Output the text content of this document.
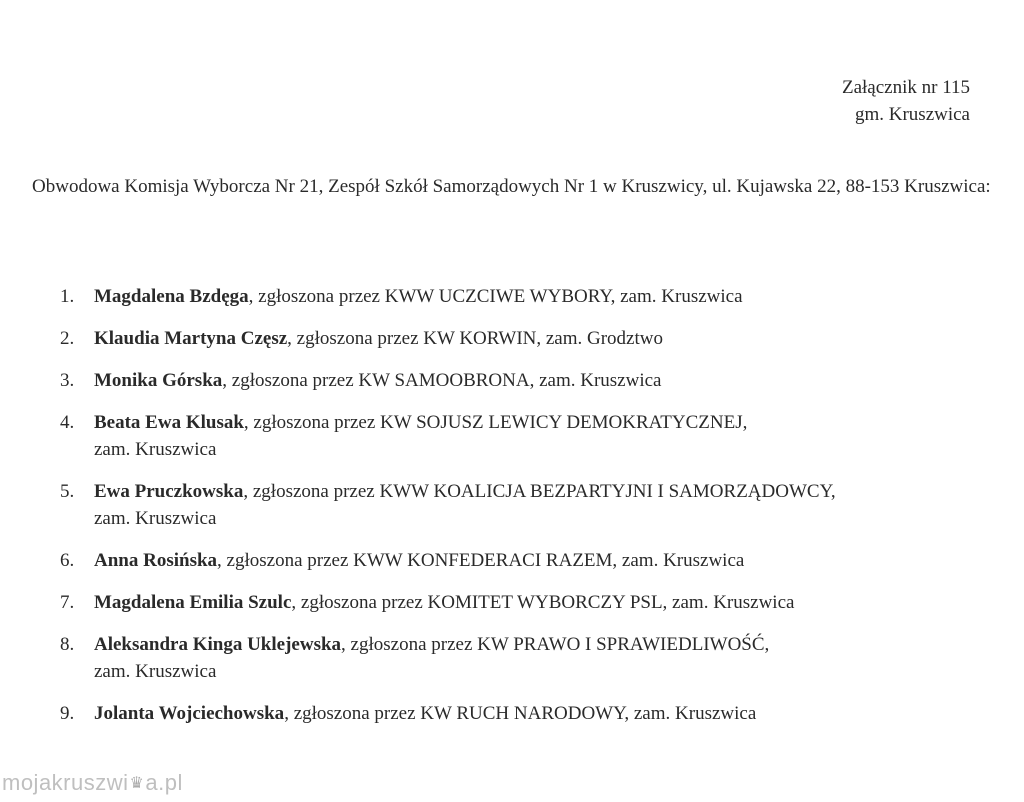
Załącznik nr 115
gm. Kruszwica
Obwodowa Komisja Wyborcza Nr 21, Zespół Szkół Samorządowych Nr 1 w Kruszwicy, ul. Kujawska 22, 88-153 Kruszwica:
1.	Magdalena Bzdęga, zgłoszona przez KWW UCZCIWE WYBORY, zam. Kruszwica
2.	Klaudia Martyna Częsz, zgłoszona przez KW KORWIN, zam. Grodztwo
3.	Monika Górska, zgłoszona przez KW SAMOOBRONA, zam. Kruszwica
4.	Beata Ewa Klusak, zgłoszona przez KW SOJUSZ LEWICY DEMOKRATYCZNEJ,
zam. Kruszwica
5.	Ewa Pruczkowska, zgłoszona przez KWW KOALICJA BEZPARTYJNI I SAMORZĄDOWCY,
zam. Kruszwica
6.	Anna Rosińska, zgłoszona przez KWW KONFEDERACI RAZEM, zam. Kruszwica
7.	Magdalena Emilia Szulc, zgłoszona przez KOMITET WYBORCZY PSL, zam. Kruszwica
8.	Aleksandra Kinga Uklejewska, zgłoszona przez KW PRAWO I SPRAWIEDLIWOŚĆ,
zam. Kruszwica
9.	Jolanta Wojciechowska, zgłoszona przez KW RUCH NARODOWY, zam. Kruszwica
mojakruszwi ♛ a.pl
